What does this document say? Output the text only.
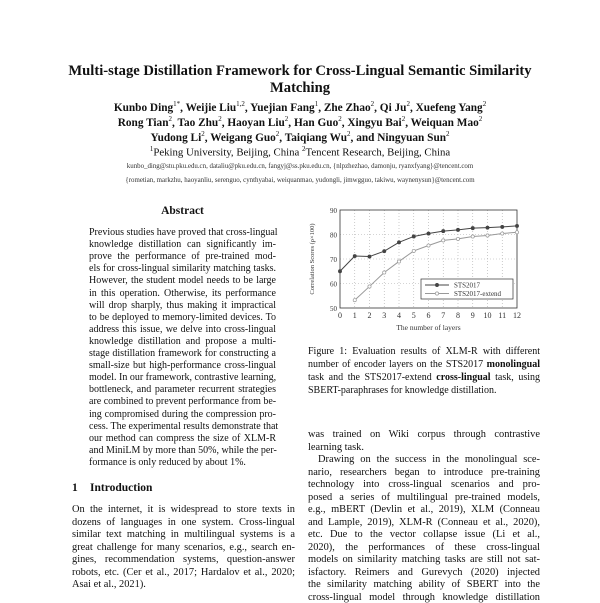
Multi-stage Distillation Framework for Cross-Lingual Semantic Similarity
Matching
Kunbo Ding$^{1*}$, Weijie Liu$^{1,2}$, Yuejian Fang$^1$, Zhe Zhao$^2$, Qi Ju$^2$, Xuefeng Yang$^2$
Rong Tian$^2$, Tao Zhu$^2$, Haoyan Liu$^2$, Han Guo$^2$, Xingyu Bai$^2$, Weiquan Mao$^2$
Yudong Li$^2$, Weigang Guo$^2$, Taiqiang Wu$^2$, and Ningyuan Sun$^2$
$^1$Peking University, Beijing, China $^2$Tencent Research, Beijing, China
kunbo_ding@stu.pku.edu.cn, dataliu@pku.edu.cn, fangyj@ss.pku.edu.cn, {nlpzhezhao, damonju, ryanxfyang}@tencent.com
{rometian, markzhu, haoyanliu, serenguo, cynthyabai, weiquanmao, yudongli, jimwgguo, takiwu, waynenysun}@tencent.com
Abstract
Previous studies have proved that cross-lingual
knowledge distillation can significantly im-
prove the performance of pre-trained mod-
els for cross-lingual similarity matching tasks.
However, the student model needs to be large
in this operation. Otherwise, its performance
will drop sharply, thus making it impractical
to be deployed to memory-limited devices. To
address this issue, we delve into cross-lingual
knowledge distillation and propose a multi-
stage distillation framework for constructing a
small-size but high-performance cross-lingual
model. In our framework, contrastive learning,
bottleneck, and parameter recurrent strategies
are combined to prevent performance from be-
ing compromised during the compression pro-
cess. The experimental results demonstrate that
our method can compress the size of XLM-R
and MiniLM by more than 50%, while the per-
formance is only reduced by about 1%.
1 Introduction
On the internet, it is widespread to store texts in
dozens of languages in one system. Cross-lingual
similar text matching in multilingual systems is a
great challenge for many scenarios, e.g., search en-
gines, recommendation systems, question-answer
robots, etc. (Cer et al., 2017; Hardalov et al., 2020;
Asai et al., 2021).
0 1 2 3 4 5 6 7 8 9 10 11 12
50
60
70
80
90
The number of layers
Correlation Scores (ρ×100)	STS2017
STS2017-extend
Figure 1: Evaluation results of XLM-R with different
number of encoder layers on the STS2017 monolingual
task and the STS2017-extend cross-lingual task, using
SBERT-paraphrases for knowledge distillation.
was trained on Wiki corpus through contrastive
learning task.
Drawing on the success in the monolingual sce-
nario, researchers began to introduce pre-training
technology into cross-lingual scenarios and pro-
posed a series of multilingual pre-trained models,
e.g., mBERT (Devlin et al., 2019), XLM (Conneau
and Lample, 2019), XLM-R (Conneau et al., 2020),
etc. Due to the vector collapse issue (Li et al.,
2020), the performances of these cross-lingual
models on similarity matching tasks are still not sat-
isfactory. Reimers and Gurevych (2020) injected
the similarity matching ability of SBERT into the
cross-lingual model through knowledge distillation
